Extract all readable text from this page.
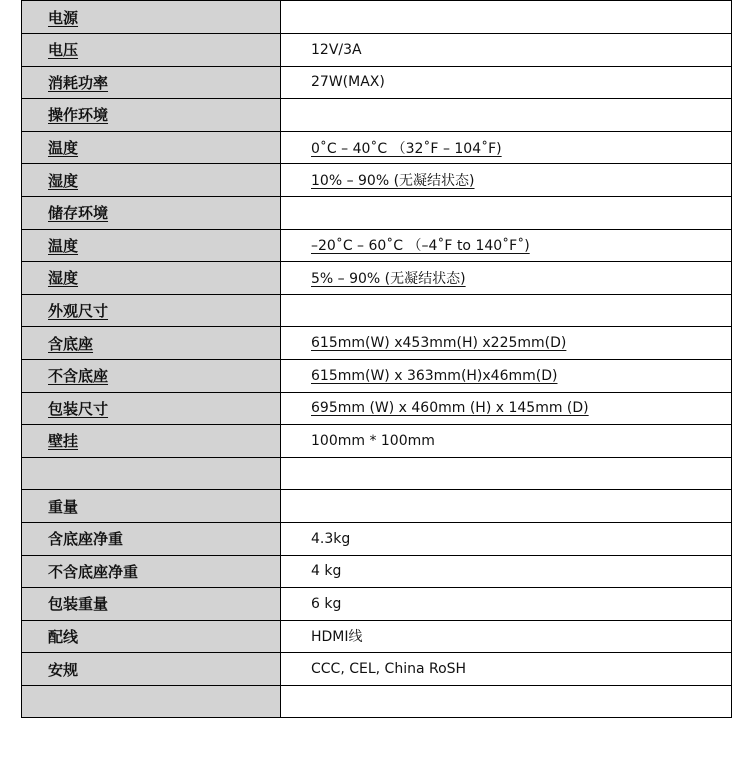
电源	
电压	12V/3A
消耗功率	27W(MAX)
操作环境	
温度	0˚C – 40˚C （32˚F – 104˚F)
湿度	10% – 90% (无凝结状态)
储存环境	
温度	–20˚C – 60˚C （–4˚F to 140˚F˚)
湿度	5% – 90% (无凝结状态)
外观尺寸	
含底座	615mm(W) x453mm(H) x225mm(D)
不含底座	615mm(W) x 363mm(H)x46mm(D)
包装尺寸	695mm (W) x 460mm (H) x 145mm (D)
壁挂	100mm * 100mm

重量	
含底座净重	4.3kg
不含底座净重	4 kg
包装重量	6 kg
配线	HDMI线
安规	CCC, CEL, China RoSH
